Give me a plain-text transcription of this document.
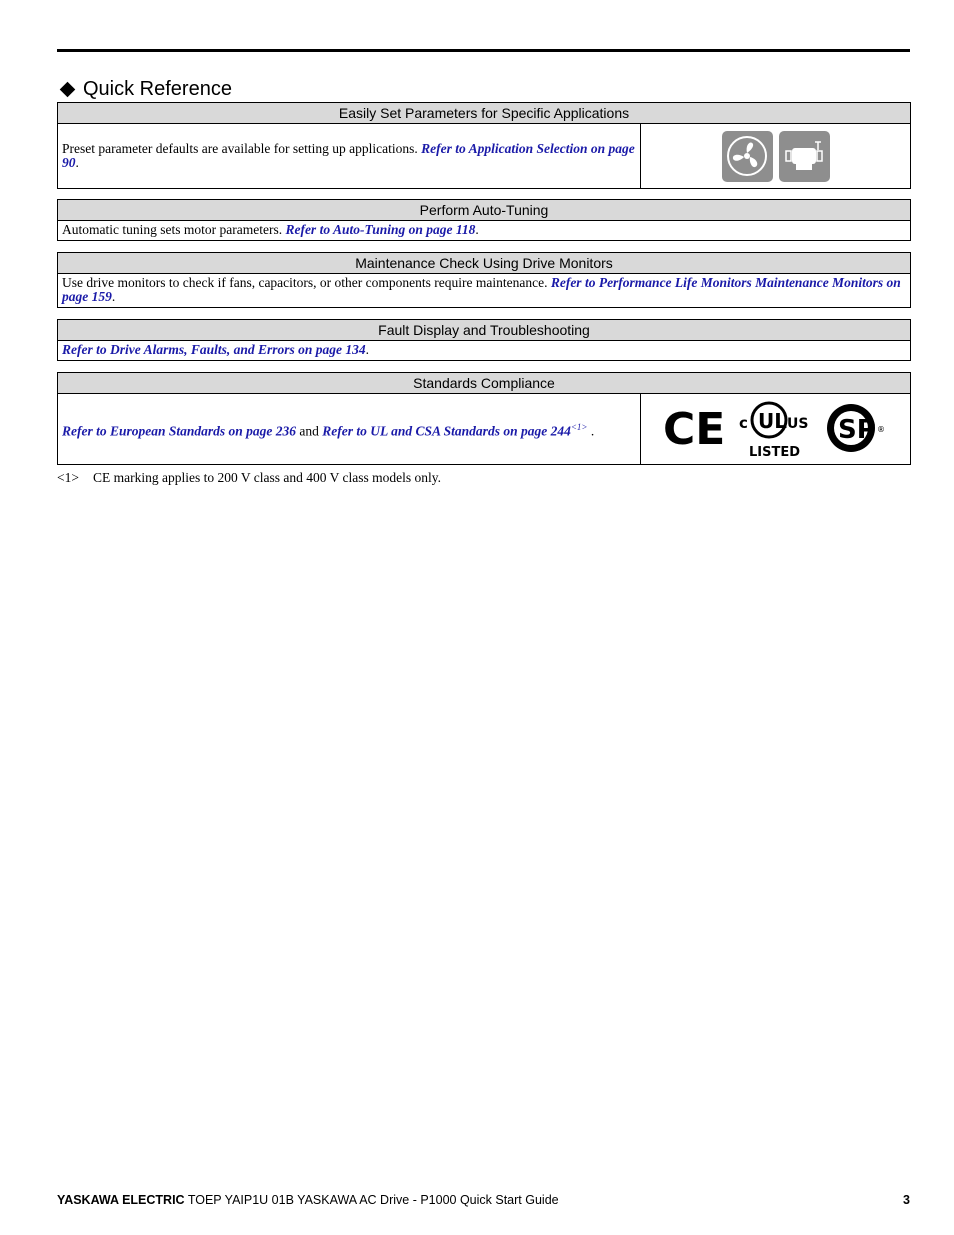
Quick Reference
Easily Set Parameters for Specific Applications
Preset parameter defaults are available for setting up applications. Refer to Application Selection on page 90.
Perform Auto-Tuning
Automatic tuning sets motor parameters. Refer to Auto-Tuning on page 118.
Maintenance Check Using Drive Monitors
Use drive monitors to check if fans, capacitors, or other components require maintenance. Refer to Performance Life Monitors Maintenance Monitors on page 159.
Fault Display and Troubleshooting
Refer to Drive Alarms, Faults, and Errors on page 134.
Standards Compliance
Refer to European Standards on page 236 and Refer to UL and CSA Standards on page $244^{<1>}$ . CE UL
c	US
LISTED
SP ®
<1> CE marking applies to 200 V class and 400 V class models only.
YASKAWA ELECTRIC TOEP YAIP1U 01B YASKAWA AC Drive - P1000 Quick Start Guide	3
